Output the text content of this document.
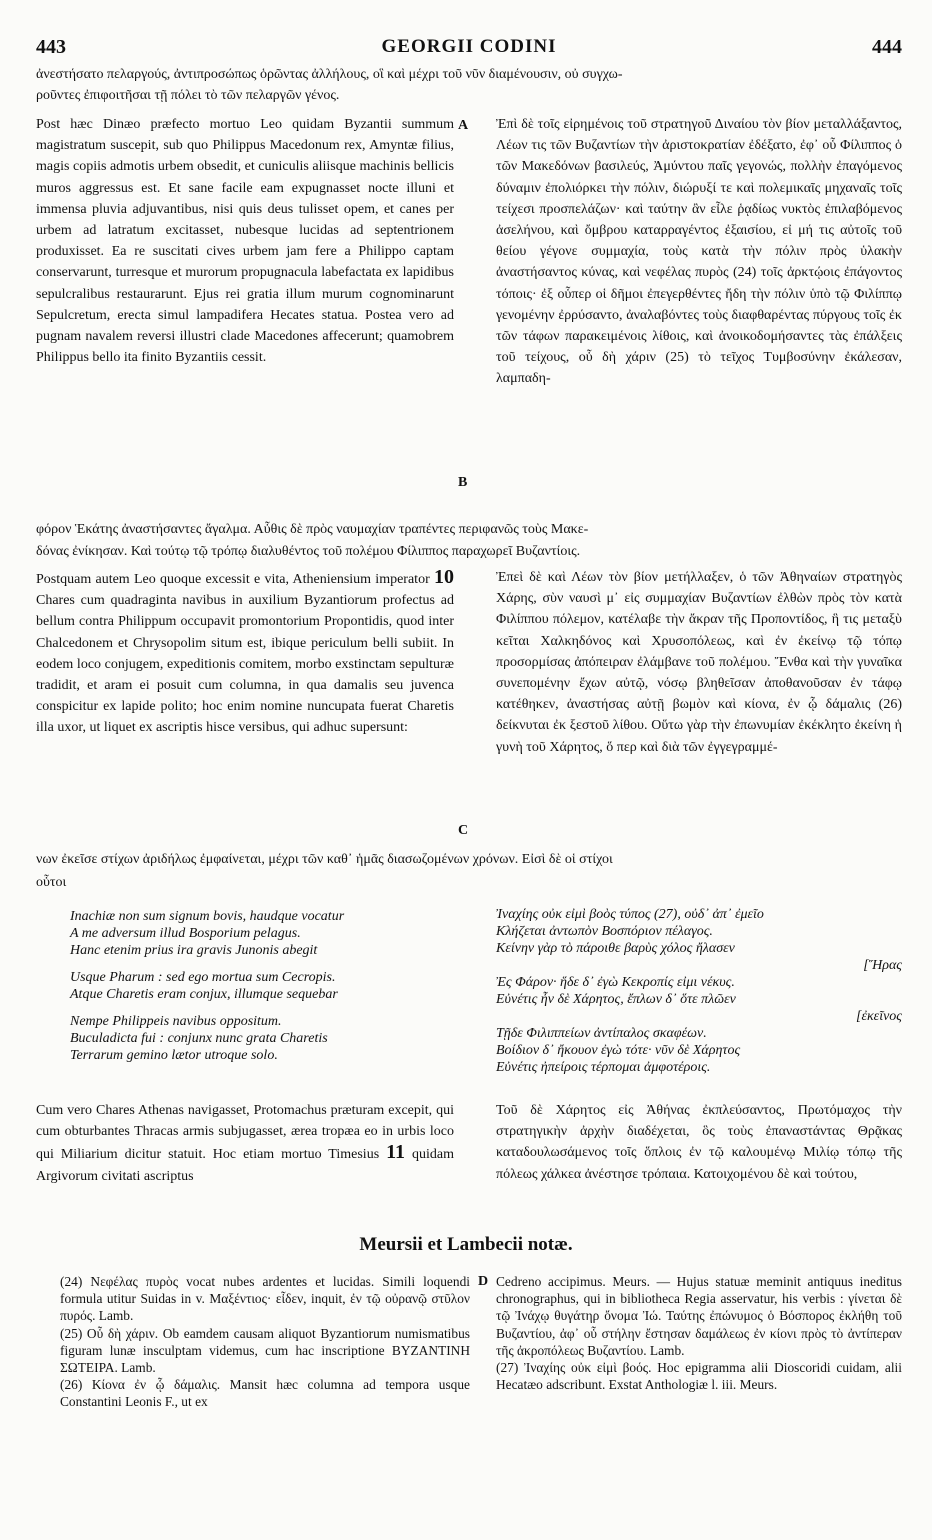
443	GEORGII CODINI	444
ἀνεστήσατο πελαργούς, ἀντιπροσώπως ὁρῶντας ἀλλήλους, οἳ καὶ μέχρι τοῦ νῦν διαμένουσιν, οὐ συγχω-
ροῦντες ἐπιφοιτῆσαι τῇ πόλει τὸ τῶν πελαργῶν γένος.

Post hæc Dinæo præfecto mortuo Leo quidam Byzantii summum magistratum suscepit, sub quo Philippus Macedonum rex, Amyntæ filius, magis copiis admotis urbem obsedit, et cuniculis aliisque machinis bellicis muros aggressus est. Et sane facile eam expugnasset nocte illuni et immensa pluvia adjuvantibus, nisi quis deus tulisset opem, et canes per urbem ad latratum excitasset, nubesque lucidas ad septentrionem produxisset. Ea re suscitati cives urbem jam fere a Philippo captam conservarunt, turresque et murorum propugnacula labefactata ex lapidibus sepulcralibus restaurarunt. Ejus rei gratia illum murum cognominarunt Sepulcretum, erecta simul lampadifera Hecates statua. Postea vero ad pugnam navalem reversi illustri clade Macedones affecerunt; quamobrem Philippus bello ita finito Byzantiis cessit.

A Ἐπὶ δὲ τοῖς εἰρημένοις τοῦ στρατηγοῦ Διναίου τὸν βίον μεταλλάξαντος, Λέων τις τῶν Βυζαντίων τὴν ἀριστοκρατίαν ἐδέξατο, ἐφ᾽ οὗ Φίλιππος ὁ τῶν Μακεδόνων βασιλεύς, Ἀμύντου παῖς γεγονώς, πολλὴν ἐπαγόμενος δύναμιν ἐπολιόρκει τὴν πόλιν, διώρυξί τε καὶ πολεμικαῖς μηχαναῖς τοῖς τείχεσι προσπελάζων· καὶ ταύτην ἂν εἶλε ῥᾳδίως νυκτὸς ἐπιλαβόμενος ἀσελήνου, καὶ ὄμβρου καταρραγέντος ἐξαισίου, εἰ μή τις αὐτοῖς τοῦ θείου γέγονε συμμαχία, τοὺς κατὰ τὴν πόλιν πρὸς ὑλακὴν ἀναστήσαντος κύνας, καὶ νεφέλας πυρὸς (24) τοῖς ἀρκτῴοις ἐπάγοντος τόποις· ἐξ οὗπερ οἱ δῆμοι ἐπεγερθέντες ἤδη τὴν πόλιν ὑπὸ τῷ Φιλίππῳ γενομένην ἐρρύσαντο, ἀναλαβόντες τοὺς διαφθαρέντας πύργους τοῖς ἐκ τῶν τάφων παρακειμένοις λίθοις, καὶ ἀνοικοδομήσαντες τὰς ἐπάλξεις τοῦ τείχους, οὗ δὴ χάριν (25) τὸ τεῖχος Τυμβοσύνην ἐκάλεσαν, λαμπαδη-

B
φόρον Ἑκάτης ἀναστήσαντες ἄγαλμα. Αὖθις δὲ πρὸς ναυμαχίαν τραπέντες περιφανῶς τοὺς Μακε-
δόνας ἐνίκησαν. Καὶ τούτῳ τῷ τρόπῳ διαλυθέντος τοῦ πολέμου Φίλιππος παραχωρεῖ Βυζαντίοις.

Postquam autem Leo quoque excessit e vita, Atheniensium imperator 10 Chares cum quadraginta navibus in auxilium Byzantiorum profectus ad bellum contra Philippum occupavit promontorium Propontidis, quod inter Chalcedonem et Chrysopolim situm est, ibique periculum belli subiit. In eodem loco conjugem, expeditionis comitem, morbo exstinctam sepulturæ tradidit, et aram ei posuit cum columna, in qua damalis seu juvenca conspicitur ex lapide polito; hoc enim nomine nuncupata fuerat Charetis illa uxor, ut liquet ex ascriptis hisce versibus, qui adhuc supersunt:

Ἐπεὶ δὲ καὶ Λέων τὸν βίον μετήλλαξεν, ὁ τῶν Ἀθηναίων στρατηγὸς Χάρης, σὺν ναυσὶ μ᾽ εἰς συμμαχίαν Βυζαντίων ἐλθὼν πρὸς τὸν κατὰ Φιλίππου πόλεμον, κατέλαβε τὴν ἄκραν τῆς Προποντίδος, ἣ τις μεταξὺ κεῖται Χαλκηδόνος καὶ Χρυσοπόλεως, καὶ ἐν ἐκείνῳ τῷ τόπῳ προσορμίσας ἀπόπειραν ἐλάμβανε τοῦ πολέμου. Ἔνθα καὶ τὴν γυναῖκα συνεπομένην ἔχων αὐτῷ, νόσῳ βληθεῖσαν ἀποθανοῦσαν ἐν τάφῳ κατέθηκεν, ἀναστήσας αὐτῇ βωμὸν καὶ κίονα, ἐν ᾧ δάμαλις (26) δείκνυται ἐκ ξεστοῦ λίθου. Οὕτω γὰρ τὴν ἐπωνυμίαν ἐκέκλητο ἐκείνη ἡ γυνὴ τοῦ Χάρητος, ὅ περ καὶ διὰ τῶν ἐγγεγραμμέ-

C
νων ἐκεῖσε στίχων ἀριδήλως ἐμφαίνεται, μέχρι τῶν καθ᾽ ἡμᾶς διασωζομένων χρόνων. Εἰσὶ δὲ οἱ στίχοι
οὗτοι
Inachiæ non sum signum bovis, haudque vocatur
A me adversum illud Bosporium pelagus.
Hanc etenim prius ira gravis Junonis abegit
Usque Pharum : sed ego mortua sum Cecropis.
Atque Charetis eram conjux, illumque sequebar
Nempe Philippeis navibus oppositum.
Buculadicta fui : conjunx nunc grata Charetis
Terrarum gemino lætor utroque solo.
Ἰναχίης οὐκ εἰμὶ βοὸς τύπος (27), οὐδ᾽ ἀπ᾽ ἐμεῖο
Κλήζεται ἀντωπὸν Βοσπόριον πέλαγος.
Κείνην γὰρ τὸ πάροιθε βαρὺς χόλος ἤλασεν
[Ἥρας
Ἐς Φάρον· ἥδε δ᾽ ἐγὼ Κεκροπίς εἰμι νέκυς.
Εὐνέτις ἦν δὲ Χάρητος, ἔπλων δ᾽ ὅτε πλῶεν
[ἐκεῖνος
Τῇδε Φιλιππείων ἀντίπαλος σκαφέων.
Βοίδιον δ᾽ ἤκουον ἐγὼ τότε· νῦν δὲ Χάρητος
Εὐνέτις ἠπείροις τέρπομαι ἀμφοτέροις.

Cum vero Chares Athenas navigasset, Protomachus præturam excepit, qui cum obturbantes Thracas armis subjugasset, ærea tropæa eo in urbis loco qui Miliarium dicitur statuit. Hoc etiam mortuo Timesius 11 quidam Argivorum civitati ascriptus

Τοῦ δὲ Χάρητος εἰς Ἀθήνας ἐκπλεύσαντος, Πρωτόμαχος τὴν στρατηγικὴν ἀρχὴν διαδέχεται, ὃς τοὺς ἐπαναστάντας Θρᾷκας καταδουλωσάμενος τοῖς ὅπλοις ἐν τῷ καλουμένῳ Μιλίῳ τόπῳ τῆς πόλεως χάλκεα ἀνέστησε τρόπαια. Κατοιχομένου δὲ καὶ τούτου,

Meursii et Lambecii notæ.

(24) Νεφέλας πυρὸς vocat nubes ardentes et lucidas. Simili loquendi formula utitur Suidas in v. Μαξέντιος· εἶδεν, inquit, ἐν τῷ οὐρανῷ στῦλον πυρός. Lamb.

(25) Οὗ δὴ χάριν. Ob eamdem causam aliquot Byzantiorum numismatibus figuram lunæ insculptam videmus, cum hac inscriptione ΒΥΖΑΝΤΙΝΗ ΣΩΤΕΙΡΑ. Lamb.

(26) Κίονα ἐν ᾧ δάμαλις. Mansit hæc columna ad tempora usque Constantini Leonis F., ut ex

D Cedreno accipimus. Meurs. — Hujus statuæ meminit antiquus ineditus chronographus, qui in bibliotheca Regia asservatur, his verbis : γίνεται δὲ τῷ Ἰνάχῳ θυγάτηρ ὄνομα Ἰώ. Ταύτης ἐπώνυμος ὁ Βόσπορος ἐκλήθη τοῦ Βυζαντίου, ἀφ᾽ οὗ στήλην ἔστησαν δαμάλεως ἐν κίονι πρὸς τὸ ἀντίπεραν τῆς ἀκροπόλεως Βυζαντίου. Lamb.

(27) Ἰναχίης οὐκ εἰμὶ βοός. Hoc epigramma alii Dioscoridi cuidam, alii Hecatæo adscribunt. Exstat Anthologiæ l. iii. Meurs.
